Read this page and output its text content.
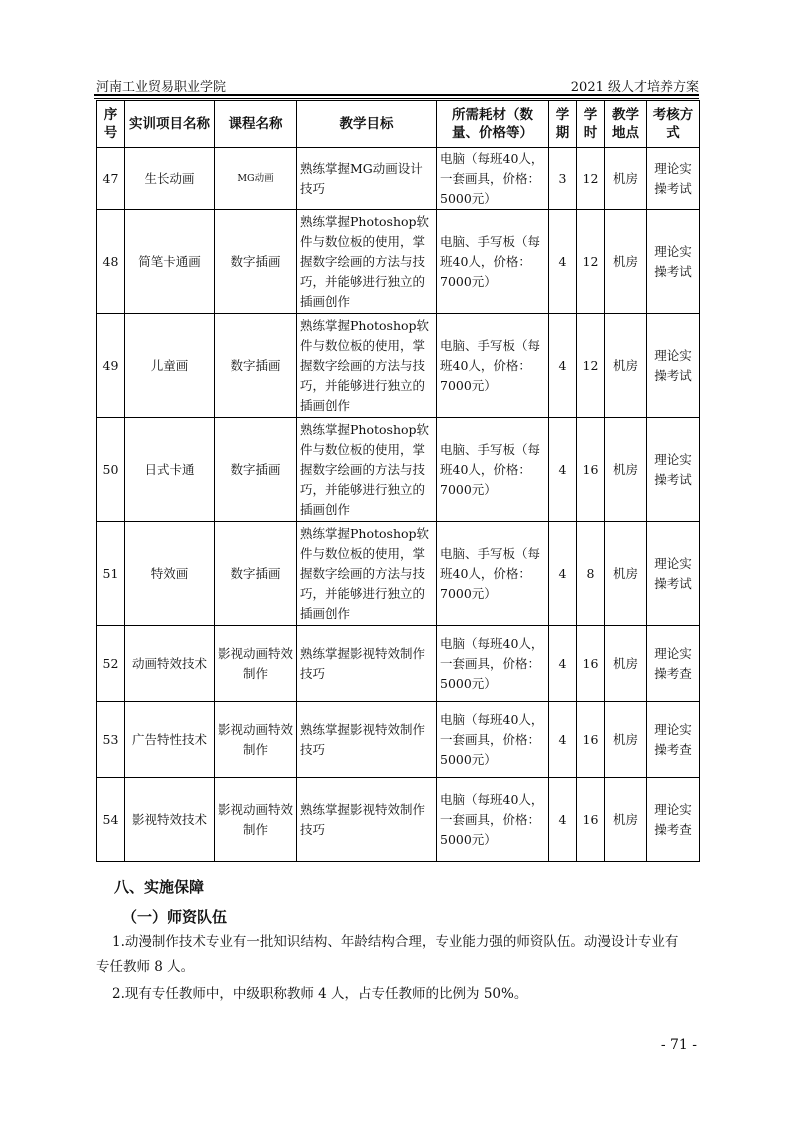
河南工业贸易职业学院	2021 级人才培养方案
序号	实训项目名称	课程名称	教学目标	所需耗材（数量、价格等）	学期	学时	教学地点	考核方式
47	生长动画	MG动画	熟练掌握MG动画设计技巧	电脑（每班40人，一套画具，价格：5000元）	3	12	机房	理论实操考试
48	简笔卡通画	数字插画	熟练掌握Photoshop软件与数位板的使用，掌握数字绘画的方法与技巧，并能够进行独立的插画创作	电脑、手写板（每班40人，价格：7000元）	4	12	机房	理论实操考试
49	儿童画	数字插画	熟练掌握Photoshop软件与数位板的使用，掌握数字绘画的方法与技巧，并能够进行独立的插画创作	电脑、手写板（每班40人，价格：7000元）	4	12	机房	理论实操考试
50	日式卡通	数字插画	熟练掌握Photoshop软件与数位板的使用，掌握数字绘画的方法与技巧，并能够进行独立的插画创作	电脑、手写板（每班40人，价格：7000元）	4	16	机房	理论实操考试
51	特效画	数字插画	熟练掌握Photoshop软件与数位板的使用，掌握数字绘画的方法与技巧，并能够进行独立的插画创作	电脑、手写板（每班40人，价格：7000元）	4	8	机房	理论实操考试
52	动画特效技术	影视动画特效制作	熟练掌握影视特效制作技巧	电脑（每班40人，一套画具，价格：5000元）	4	16	机房	理论实操考查
53	广告特性技术	影视动画特效制作	熟练掌握影视特效制作技巧	电脑（每班40人，一套画具，价格：5000元）	4	16	机房	理论实操考查
54	影视特效技术	影视动画特效制作	熟练掌握影视特效制作技巧	电脑（每班40人，一套画具，价格：5000元）	4	16	机房	理论实操考查
八、实施保障
（一）师资队伍
1.动漫制作技术专业有一批知识结构、年龄结构合理，专业能力强的师资队伍。动漫设计专业有
专任教师 8 人。
2.现有专任教师中，中级职称教师 4 人，占专任教师的比例为 50%。
- 71 -
